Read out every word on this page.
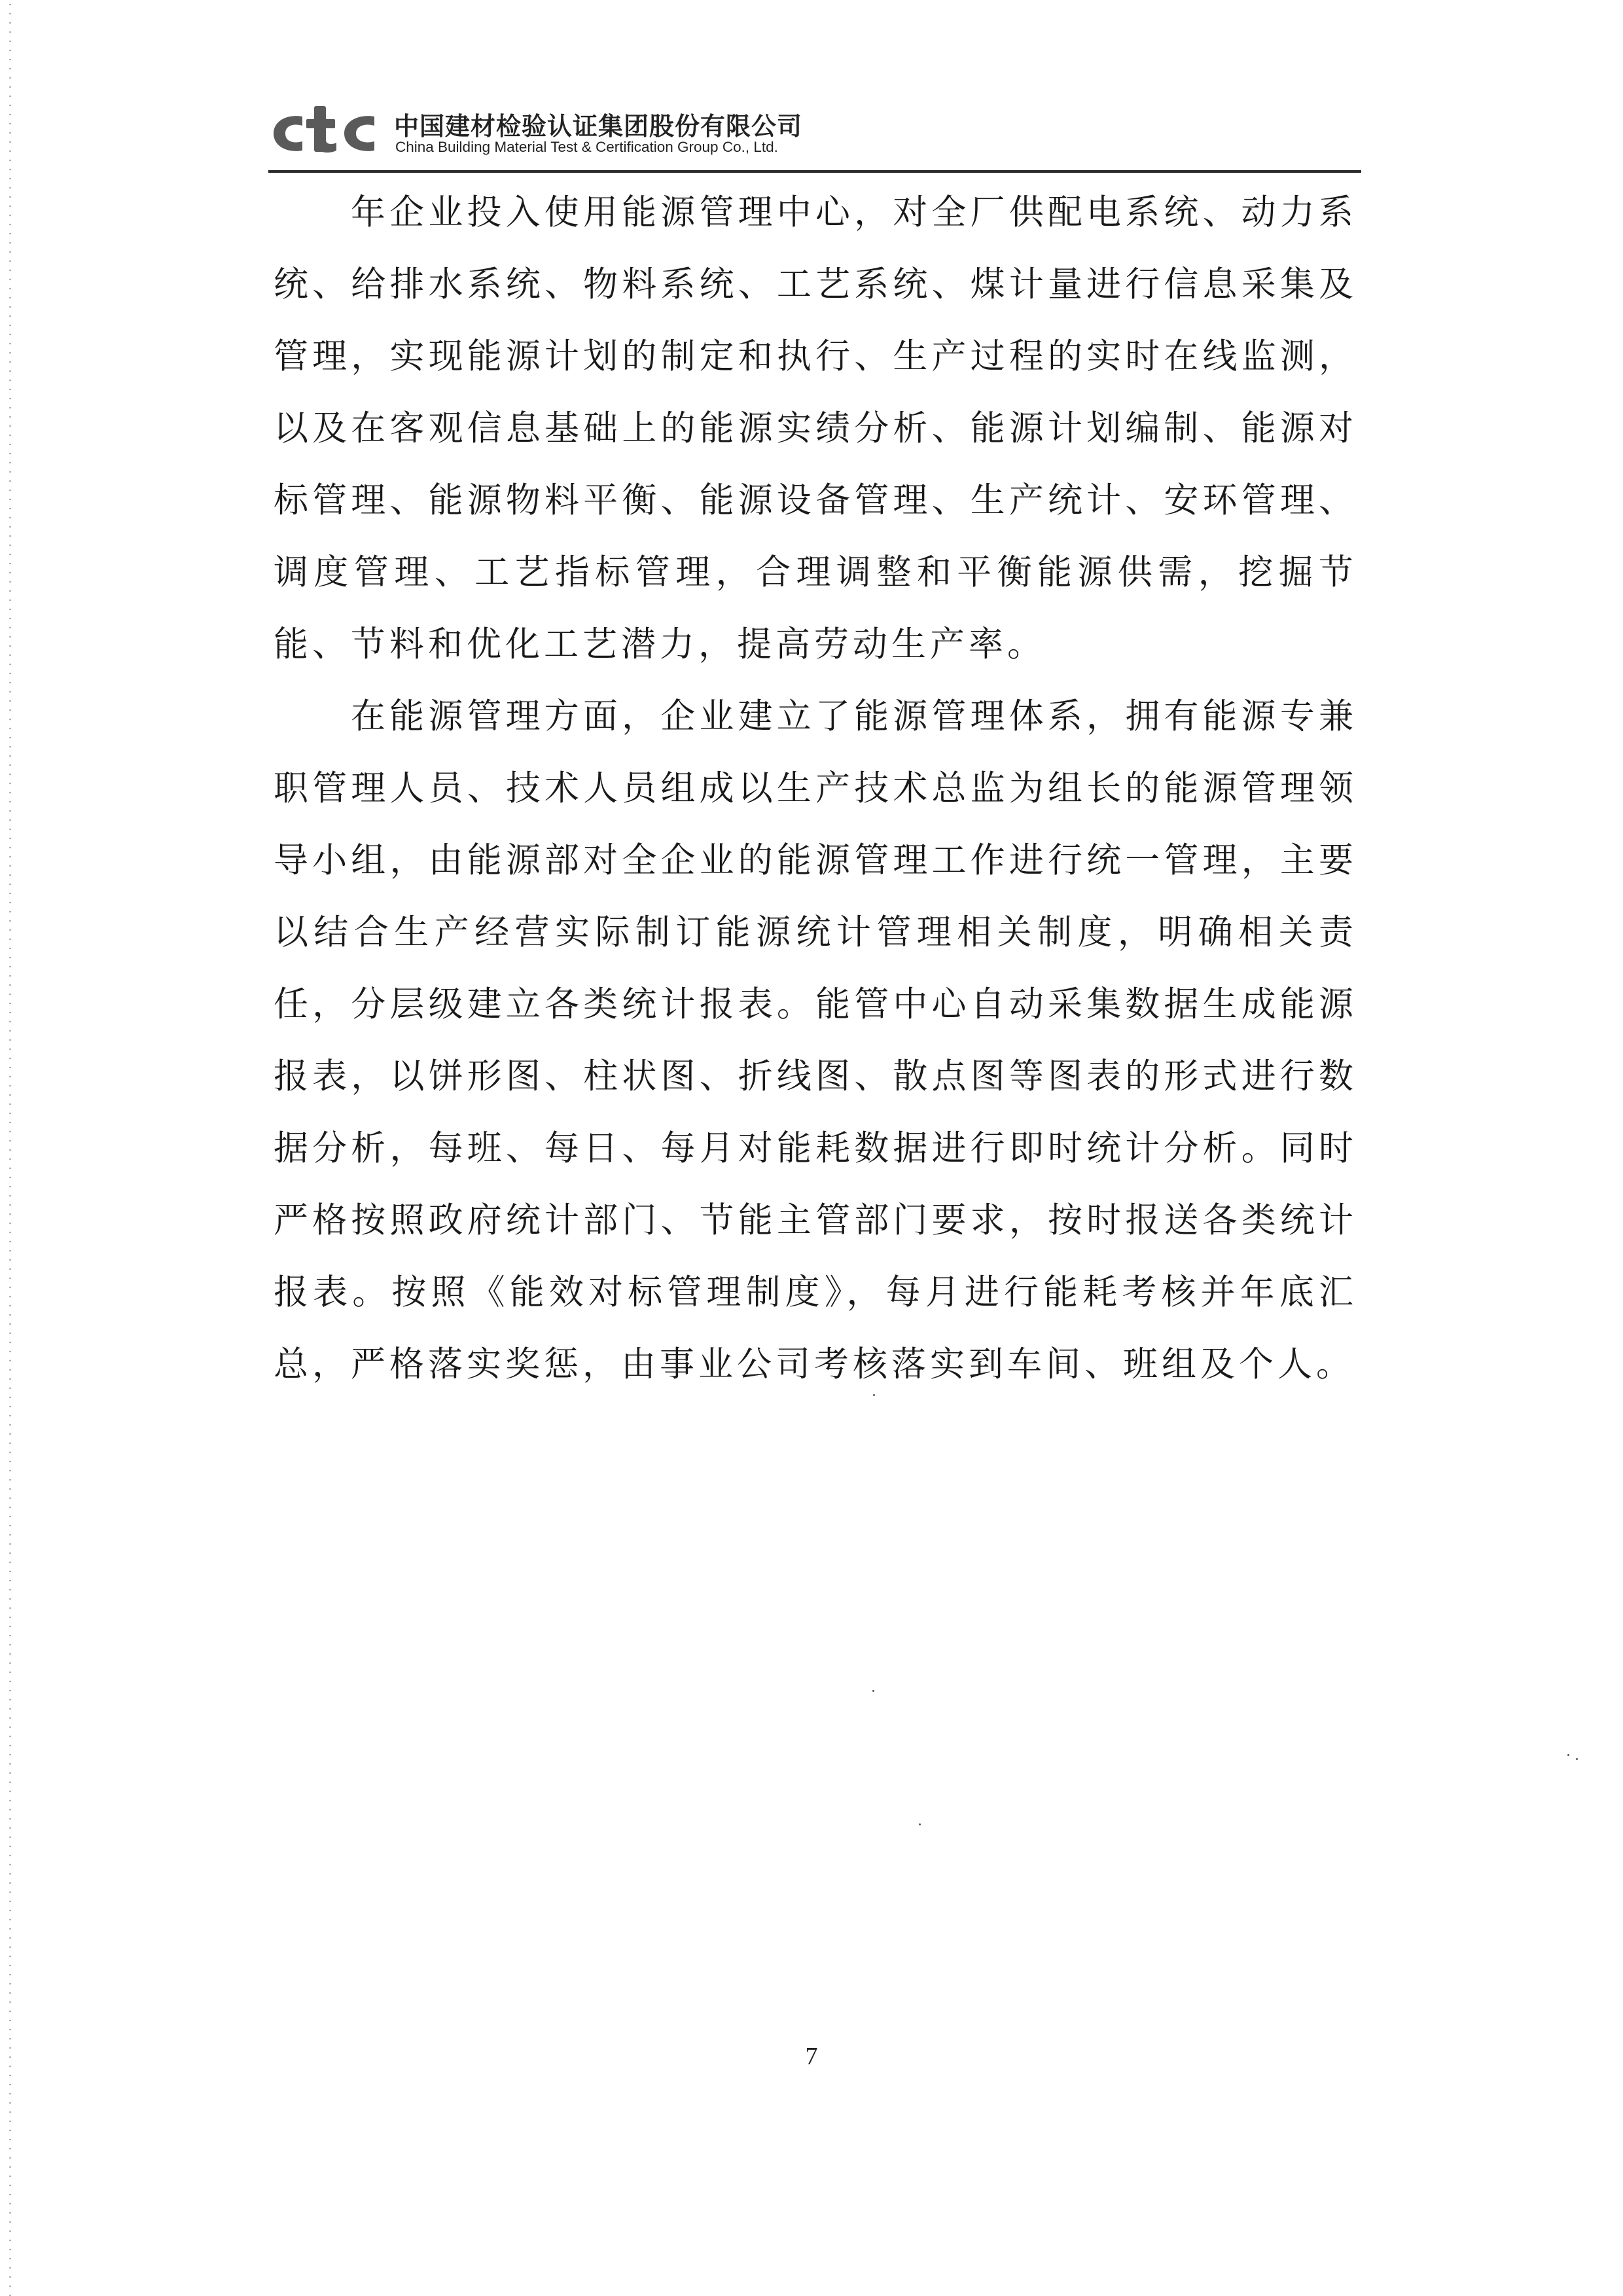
中国建材检验认证集团股份有限公司
China Building Material Test & Certification Group Co., Ltd.

年企业投入使用能源管理中心，对全厂供配电系统、动力系统、给排水系统、物料系统、工艺系统、煤计量进行信息采集及管理，实现能源计划的制定和执行、生产过程的实时在线监测，以及在客观信息基础上的能源实绩分析、能源计划编制、能源对标管理、能源物料平衡、能源设备管理、生产统计、安环管理、调度管理、工艺指标管理，合理调整和平衡能源供需，挖掘节能、节料和优化工艺潜力，提高劳动生产率。

在能源管理方面，企业建立了能源管理体系，拥有能源专兼职管理人员、技术人员组成以生产技术总监为组长的能源管理领导小组，由能源部对全企业的能源管理工作进行统一管理，主要以结合生产经营实际制订能源统计管理相关制度，明确相关责任，分层级建立各类统计报表。能管中心自动采集数据生成能源报表，以饼形图、柱状图、折线图、散点图等图表的形式进行数据分析，每班、每日、每月对能耗数据进行即时统计分析。同时严格按照政府统计部门、节能主管部门要求，按时报送各类统计报表。按照《能效对标管理制度》，每月进行能耗考核并年底汇总，严格落实奖惩，由事业公司考核落实到车间、班组及个人。

7
